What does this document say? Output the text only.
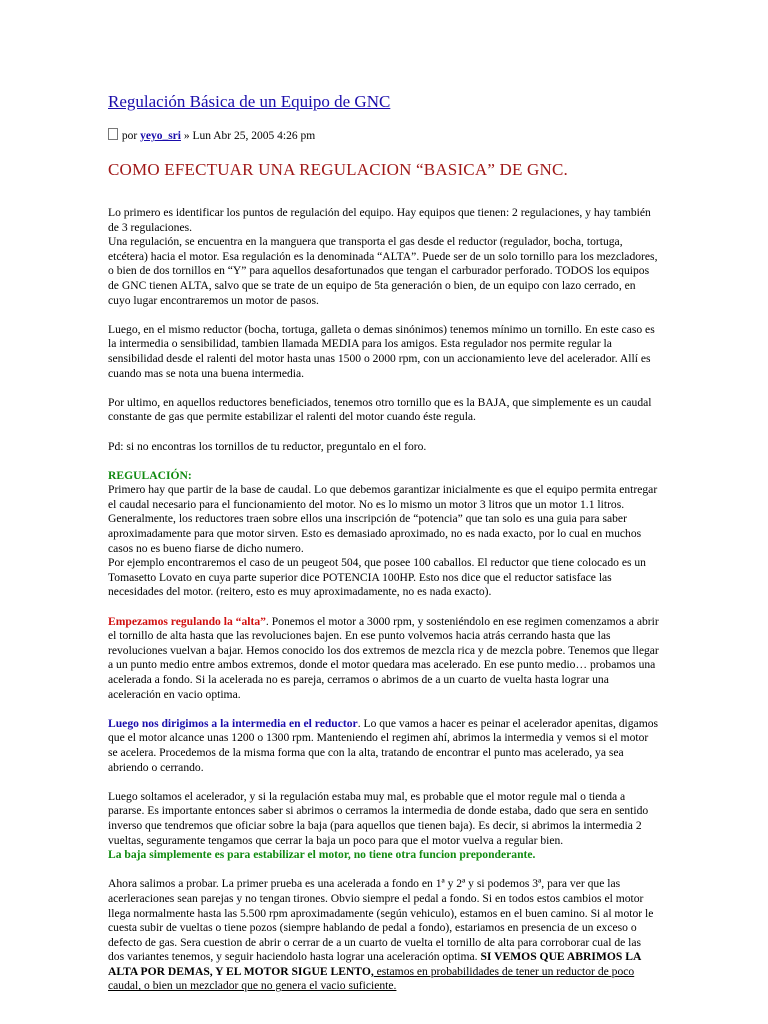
Regulación Básica de un Equipo de GNC
por yeyo_sri » Lun Abr 25, 2005 4:26 pm
COMO EFECTUAR UNA REGULACION “BASICA” DE GNC.

Lo primero es identificar los puntos de regulación del equipo. Hay equipos que tienen: 2 regulaciones, y hay también de 3 regulaciones.
Una regulación, se encuentra en la manguera que transporta el gas desde el reductor (regulador, bocha, tortuga, etcétera) hacia el motor. Esa regulación es la denominada “ALTA”. Puede ser de un solo tornillo para los mezcladores, o bien de dos tornillos en “Y” para aquellos desafortunados que tengan el carburador perforado. TODOS los equipos de GNC tienen ALTA, salvo que se trate de un equipo de 5ta generación o bien, de un equipo con lazo cerrado, en cuyo lugar encontraremos un motor de pasos.

Luego, en el mismo reductor (bocha, tortuga, galleta o demas sinónimos) tenemos mínimo un tornillo. En este caso es la intermedia o sensibilidad, tambien llamada MEDIA para los amigos. Esta regulador nos permite regular la sensibilidad desde el ralenti del motor hasta unas 1500 o 2000 rpm, con un accionamiento leve del acelerador. Allí es cuando mas se nota una buena intermedia.

Por ultimo, en aquellos reductores beneficiados, tenemos otro tornillo que es la BAJA, que simplemente es un caudal constante de gas que permite estabilizar el ralenti del motor cuando éste regula.

Pd: si no encontras los tornillos de tu reductor, preguntalo en el foro.

REGULACIÓN:

Primero hay que partir de la base de caudal. Lo que debemos garantizar inicialmente es que el equipo permita entregar el caudal necesario para el funcionamiento del motor. No es lo mismo un motor 3 litros que un motor 1.1 litros. Generalmente, los reductores traen sobre ellos una inscripción de “potencia” que tan solo es una guia para saber aproximadamente para que motor sirven. Esto es demasiado aproximado, no es nada exacto, por lo cual en muchos casos no es bueno fiarse de dicho numero.
Por ejemplo encontraremos el caso de un peugeot 504, que posee 100 caballos. El reductor que tiene colocado es un Tomasetto Lovato en cuya parte superior dice POTENCIA 100HP. Esto nos dice que el reductor satisface las necesidades del motor. (reitero, esto es muy aproximadamente, no es nada exacto).

Empezamos regulando la “alta”. Ponemos el motor a 3000 rpm, y sosteniéndolo en ese regimen comenzamos a abrir el tornillo de alta hasta que las revoluciones bajen. En ese punto volvemos hacia atrás cerrando hasta que las revoluciones vuelvan a bajar. Hemos conocido los dos extremos de mezcla rica y de mezcla pobre. Tenemos que llegar a un punto medio entre ambos extremos, donde el motor quedara mas acelerado. En ese punto medio… probamos una acelerada a fondo. Si la acelerada no es pareja, cerramos o abrimos de a un cuarto de vuelta hasta lograr una aceleración en vacio optima.

Luego nos dirigimos a la intermedia en el reductor. Lo que vamos a hacer es peinar el acelerador apenitas, digamos que el motor alcance unas 1200 o 1300 rpm. Manteniendo el regimen ahí, abrimos la intermedia y vemos si el motor se acelera. Procedemos de la misma forma que con la alta, tratando de encontrar el punto mas acelerado, ya sea abriendo o cerrando.

Luego soltamos el acelerador, y si la regulación estaba muy mal, es probable que el motor regule mal o tienda a pararse. Es importante entonces saber si abrimos o cerramos la intermedia de donde estaba, dado que sera en sentido inverso que tendremos que oficiar sobre la baja (para aquellos que tienen baja). Es decir, si abrimos la intermedia 2 vueltas, seguramente tengamos que cerrar la baja un poco para que el motor vuelva a regular bien.
La baja simplemente es para estabilizar el motor, no tiene otra funcion preponderante.

Ahora salimos a probar. La primer prueba es una acelerada a fondo en 1ª y 2ª y si podemos 3ª, para ver que las acerleraciones sean parejas y no tengan tirones. Obvio siempre el pedal a fondo. Si en todos estos cambios el motor llega normalmente hasta las 5.500 rpm aproximadamente (según vehiculo), estamos en el buen camino. Si al motor le cuesta subir de vueltas o tiene pozos (siempre hablando de pedal a fondo), estariamos en presencia de un exceso o defecto de gas. Sera cuestion de abrir o cerrar de a un cuarto de vuelta el tornillo de alta para corroborar cual de las dos variantes tenemos, y seguir haciendolo hasta lograr una aceleración optima. SI VEMOS QUE ABRIMOS LA ALTA POR DEMAS, Y EL MOTOR SIGUE LENTO, estamos en probabilidades de tener un reductor de poco caudal, o bien un mezclador que no genera el vacio suficiente.
